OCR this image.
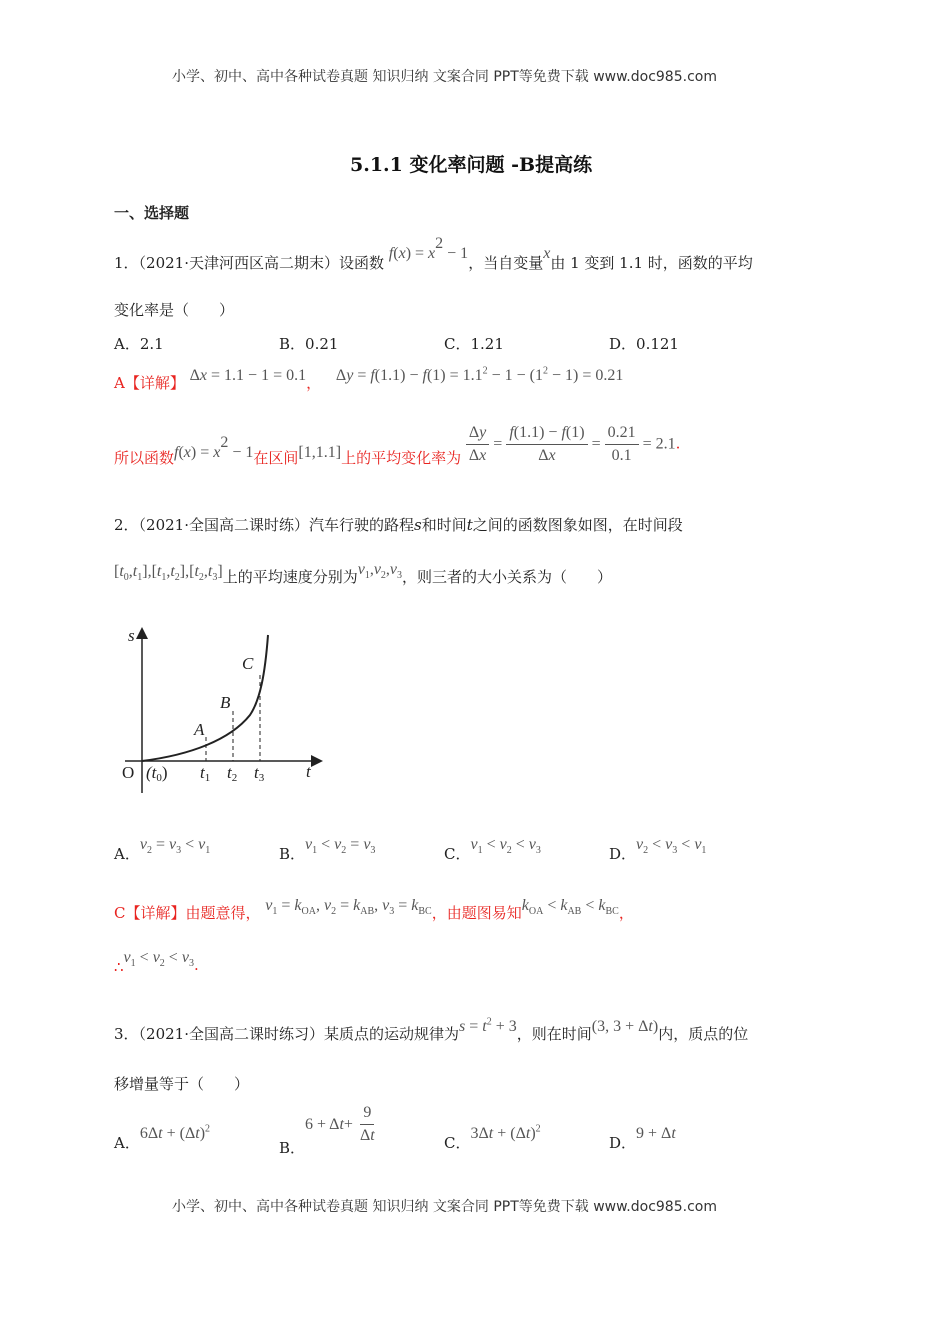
小学、初中、高中各种试卷真题 知识归纳 文案合同 PPT等免费下载 www.doc985.com
小学、初中、高中各种试卷真题 知识归纳 文案合同 PPT等免费下载 www.doc985.com
5.1.1 变化率问题 -B提高练
一、选择题
1．（2021·天津河西区高二期末）设函数 $f(x) = x^2 - 1$，当自变量x由 1 变到 1.1 时，函数的平均
变化率是（　　）
A．2.1	B．0.21	C．1.21	D．0.121
A【详解】 Δx = 1.1 − 1 = 0.1， $\Delta y = f(1.1) - f(1) = 1.1^2 - 1 - (1^2 - 1) = 0.21$
所以函数$f(x) = x^2 - 1$在区间[1,1.1]上的平均变化率为 $\frac{\Delta y}{\Delta x} = \frac{f(1.1) - f(1)}{\Delta x} = \frac{0.21}{0.1} = 2.1$.
2．（2021·全国高二课时练）汽车行驶的路程s和时间t之间的函数图象如图，在时间段
$[t_0,t_1],[t_1,t_2],[t_2,t_3]$上的平均速度分别为$v_1,v_2,v_3$，则三者的大小关系为（　　）
s
t
A
B
C
O (t0) t1 t2 t3
A．$v_2 = v_3 < v_1$	B．$v_1 < v_2 = v_3$	C．$v_1 < v_2 < v_3$	D．$v_2 < v_3 < v_1$
C【详解】由题意得， $v_1 = k_{OA}$, $v_2 = k_{AB}$, $v_3 = k_{BC}$，由题图易知$k_{OA} < k_{AB} < k_{BC}$，
$\therefore v_1 < v_2 < v_3$.
3．（2021·全国高二课时练习）某质点的运动规律为$s = t^2 + 3$，则在时间(3, 3 + Δt)内，质点的位
移增量等于（　　）
A．$6\Delta t + (\Delta t)^2$
B．6 + Δ $t + \frac{9}{\Delta t}$	C．$3\Delta t + (\Delta t)^2$
D．9 + Δt
